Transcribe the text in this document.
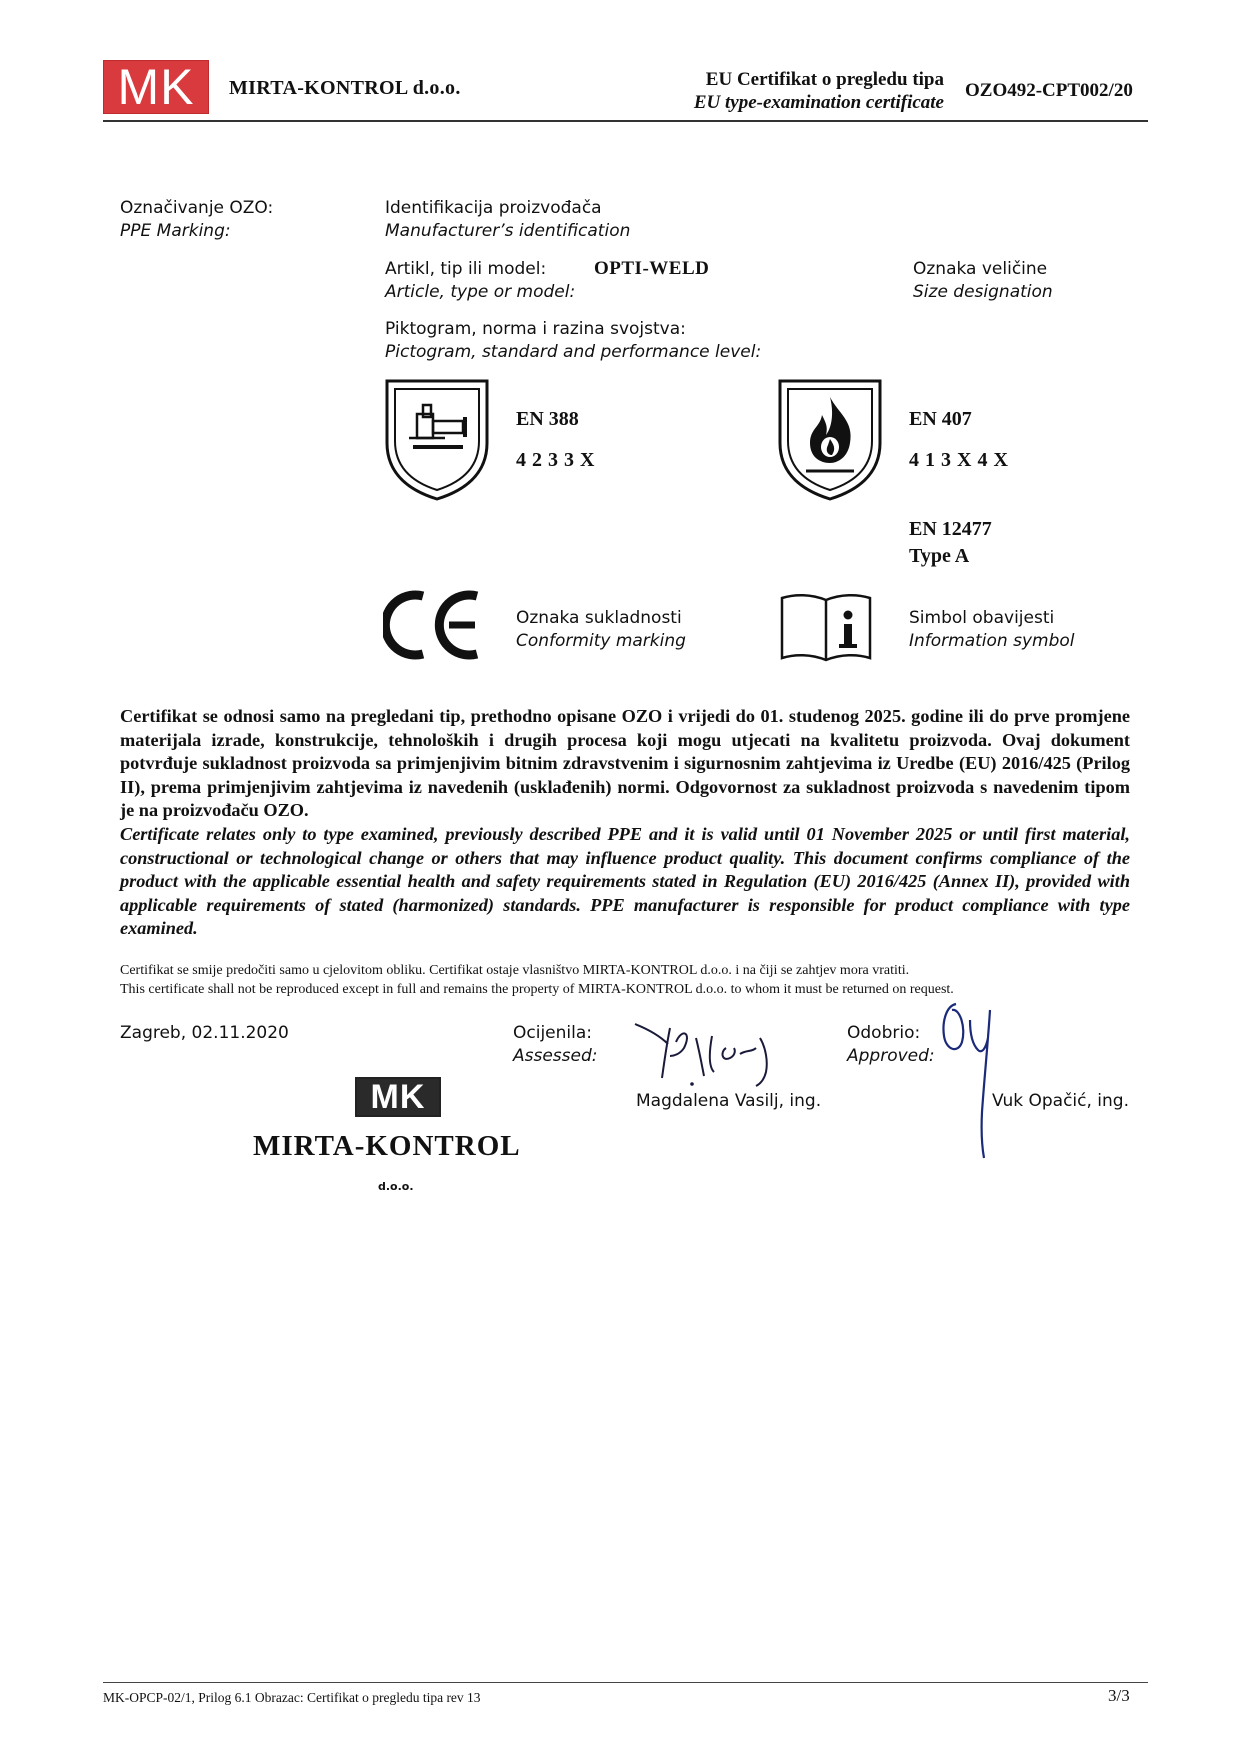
MK	MIRTA-KONTROL d.o.o.	EU Certifikat o pregledu tipa
EU type-examination certificate
OZO492-CPT002/20
Označivanje OZO:
PPE Marking:
Identifikacija proizvođača
Manufacturer’s identification
Artikl, tip ili model:
Article, type or model:
OPTI-WELD	Oznaka veličine
Size designation
Piktogram, norma i razina svojstva:
Pictogram, standard and performance level:
EN 388
4233X
EN 407
413X4X
EN 12477
Type A
Oznaka sukladnosti
Conformity marking
Simbol obavijesti
Information symbol
Certifikat se odnosi samo na pregledani tip, prethodno opisane OZO i vrijedi do 01. studenog 2025. godine ili do prve promjene materijala izrade, konstrukcije, tehnoloških i drugih procesa koji mogu utjecati na kvalitetu proizvoda. Ovaj dokument potvrđuje sukladnost proizvoda sa primjenjivim bitnim zdravstvenim i sigurnosnim zahtjevima iz Uredbe (EU) 2016/425 (Prilog II), prema primjenjivim zahtjevima iz navedenih (usklađenih) normi. Odgovornost za sukladnost proizvoda s navedenim tipom je na proizvođaču OZO.
Certificate relates only to type examined, previously described PPE and it is valid until 01 November 2025 or until first material, constructional or technological change or others that may influence product quality. This document confirms compliance of the product with the applicable essential health and safety requirements stated in Regulation (EU) 2016/425 (Annex II), provided with applicable requirements of stated (harmonized) standards. PPE manufacturer is responsible for product compliance with type examined.
Certifikat se smije predočiti samo u cjelovitom obliku. Certifikat ostaje vlasništvo MIRTA-KONTROL d.o.o. i na čiji se zahtjev mora vratiti.
This certificate shall not be reproduced except in full and remains the property of MIRTA-KONTROL d.o.o. to whom it must be returned on request.
Zagreb, 02.11.2020	Ocijenila:
Assessed:
Magdalena Vasilj, ing.
Odobrio:
Approved:
Vuk Opačić, ing.
MK
MIRTA-KONTROL
d.o.o.
MK-OPCP-02/1, Prilog 6.1 Obrazac: Certifikat o pregledu tipa rev 13	3/3
